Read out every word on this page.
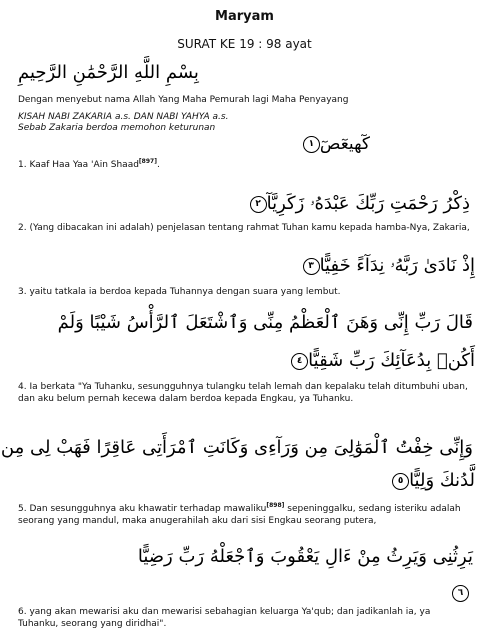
Maryam
SURAT KE 19 : 98 ayat
بِسْمِ اللَّهِ الرَّحْمَٰنِ الرَّحِيمِ
Dengan menyebut nama Allah Yang Maha Pemurah lagi Maha Penyayang
KISAH NABI ZAKARIA a.s. DAN NABI YAHYA a.s.
Sebab Zakaria berdoa memohon keturunan
كٓهيعٓصٓ١
1. Kaaf Haa Yaa 'Ain Shaad[897].
ذِكْرُ رَحْمَتِ رَبِّكَ عَبْدَهُۥ زَكَرِيَّآ٢
2. (Yang dibacakan ini adalah) penjelasan tentang rahmat Tuhan kamu kepada hamba-Nya, Zakaria,
إِذْ نَادَىٰ رَبَّهُۥ نِدَآءً خَفِيًّا٣
3. yaitu tatkala ia berdoa kepada Tuhannya dengan suara yang lembut.
قَالَ رَبِّ إِنِّى وَهَنَ ٱلْعَظْمُ مِنِّى وَٱشْتَعَلَ ٱلرَّأْسُ شَيْبًا وَلَمْ
أَكُنۢ بِدُعَآئِكَ رَبِّ شَقِيًّا٤
4. Ia berkata "Ya Tuhanku, sesungguhnya tulangku telah lemah dan kepalaku telah ditumbuhi uban, dan aku belum pernah kecewa dalam berdoa kepada Engkau, ya Tuhanku.
وَإِنِّى خِفْتُ ٱلْمَوَٰلِىَ مِن وَرَآءِى وَكَانَتِ ٱمْرَأَتِى عَاقِرًا فَهَبْ لِى مِن
لَّدُنكَ وَلِيًّا٥
5. Dan sesungguhnya aku khawatir terhadap mawaliku[898] sepeninggalku, sedang isteriku adalah seorang yang mandul, maka anugerahilah aku dari sisi Engkau seorang putera,
يَرِثُنِى وَيَرِثُ مِنْ ءَالِ يَعْقُوبَ وَٱجْعَلْهُ رَبِّ رَضِيًّا
٦
6. yang akan mewarisi aku dan mewarisi sebahagian keluarga Ya'qub; dan jadikanlah ia, ya Tuhanku, seorang yang diridhai".
